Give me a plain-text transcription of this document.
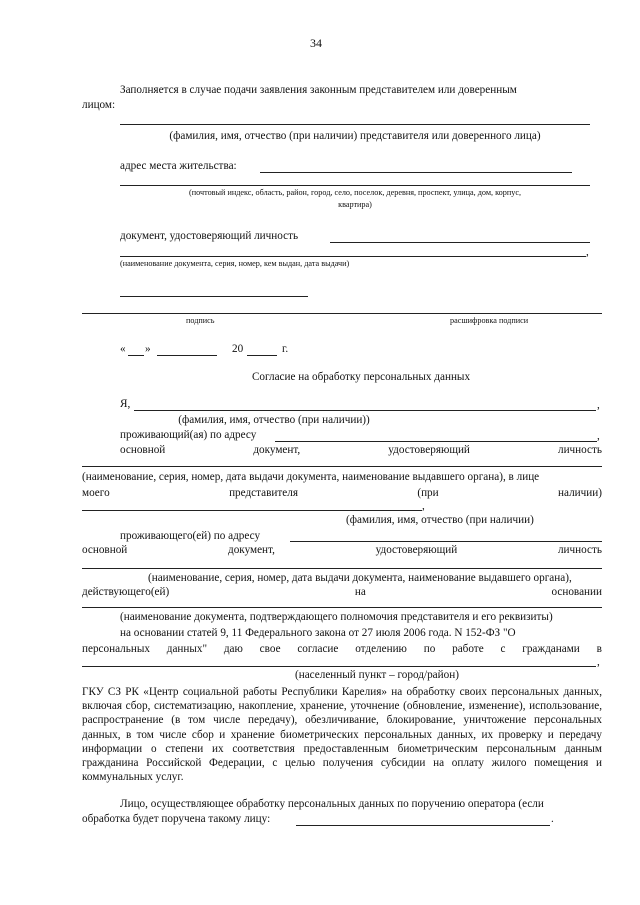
34
Заполняется в случае подачи заявления законным представителем или доверенным
лицом:
(фамилия, имя, отчество (при наличии) представителя или доверенного лица)
адрес места жительства:
(почтовый индекс, область, район, город, село, поселок, деревня, проспект, улица, дом, корпус,
квартира)
документ, удостоверяющий личность
,
(наименование документа, серия, номер, кем выдан, дата выдачи)
подпись	расшифровка подписи
« »	20	г.
Согласие на обработку персональных данных
Я,	,
(фамилия, имя, отчество (при наличии))
проживающий(ая) по адресу	,
основной	документ,	удостоверяющий	личность
(наименование, серия, номер, дата выдачи документа, наименование выдавшего органа), в лице
моего	представителя	(при	наличии)
,
(фамилия, имя, отчество (при наличии)
проживающего(ей) по адресу
основной	документ,	удостоверяющий	личность
(наименование, серия, номер, дата выдачи документа, наименование выдавшего органа),
действующего(ей)	на	основании
(наименование документа, подтверждающего полномочия представителя и его реквизиты)
на основании статей 9, 11 Федерального закона от 27 июля 2006 года. N 152-ФЗ "О
персональных данных" даю свое согласие отделению по работе с гражданами в
,
(населенный пункт – город/район)
ГКУ СЗ РК «Центр социальной работы Республики Карелия» на обработку своих персональных данных, включая сбор, систематизацию, накопление, хранение, уточнение (обновление, изменение), использование, распространение (в том числе передачу), обезличивание, блокирование, уничтожение персональных данных, в том числе сбор и хранение биометрических персональных данных, их проверку и передачу информации о степени их соответствия предоставленным биометрическим персональным данным гражданина Российской Федерации, с целью получения субсидии на оплату жилого помещения и коммунальных услуг.
Лицо, осуществляющее обработку персональных данных по поручению оператора (если
обработка будет поручена такому лицу:	.
